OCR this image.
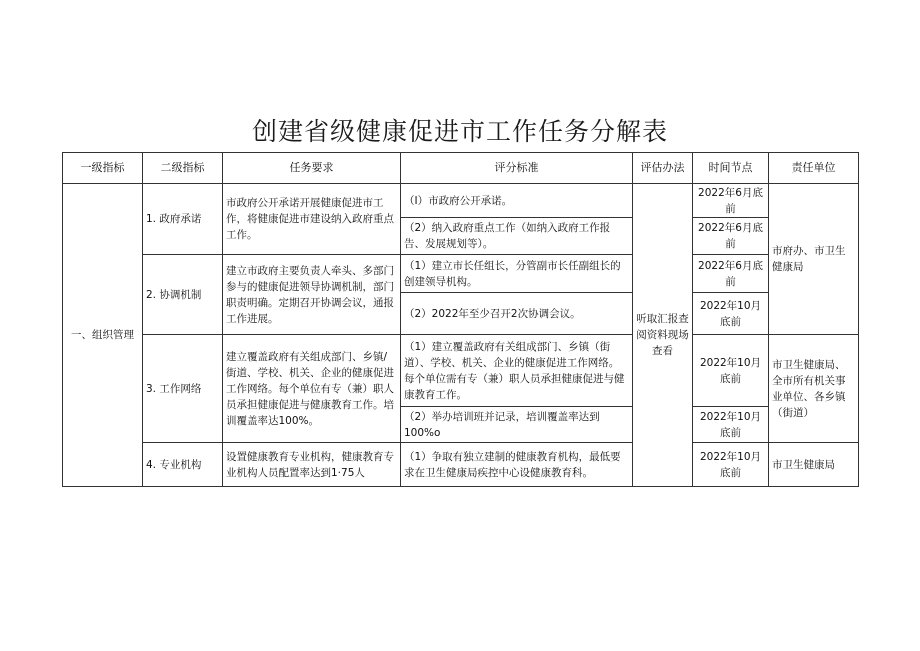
创建省级健康促进市工作任务分解表
一级指标	二级指标	任务要求	评分标准	评估办法	时间节点	责任单位
一、组织管理	1. 政府承诺	市政府公开承诺开展健康促进市工作，将健康促进市建设纳入政府重点工作。	（I）市政府公开承诺。	听取汇报查阅资料现场查看	2022年6月底前	市府办、市卫生健康局
			（2）纳入政府重点工作（如纳入政府工作报告、发展规划等）。		2022年6月底前	
	2. 协调机制	建立市政府主要负责人牵头、多部门参与的健康促进领导协调机制，部门职责明确。定期召开协调会议，通报工作进展。	（1）建立市长任组长，分管副市长任副组长的创建领导机构。		2022年6月底前	
			（2）2022年至少召开2次协调会议。		2022年10月底前	
	3. 工作网络	建立覆盖政府有关组成部门、乡镇/街道、学校、机关、企业的健康促进工作网络。每个单位有专（兼）职人员承担健康促进与健康教育工作。培训覆盖率达100%。	（1）建立覆盖政府有关组成部门、乡镇（街道）、学校、机关、企业的健康促进工作网络。每个单位需有专（兼）职人员承担健康促进与健康教育工作。		2022年10月底前	市卫生健康局、全市所有机关事业单位、各乡镇（街道）
			（2）举办培训班并记录，培训覆盖率达到100%o		2022年10月底前	
	4. 专业机构	设置健康教育专业机构，健康教育专业机构人员配置率达到1·75人	（1）争取有独立建制的健康教育机构，最低要求在卫生健康局疾控中心设健康教育科。		2022年10月底前	市卫生健康局
